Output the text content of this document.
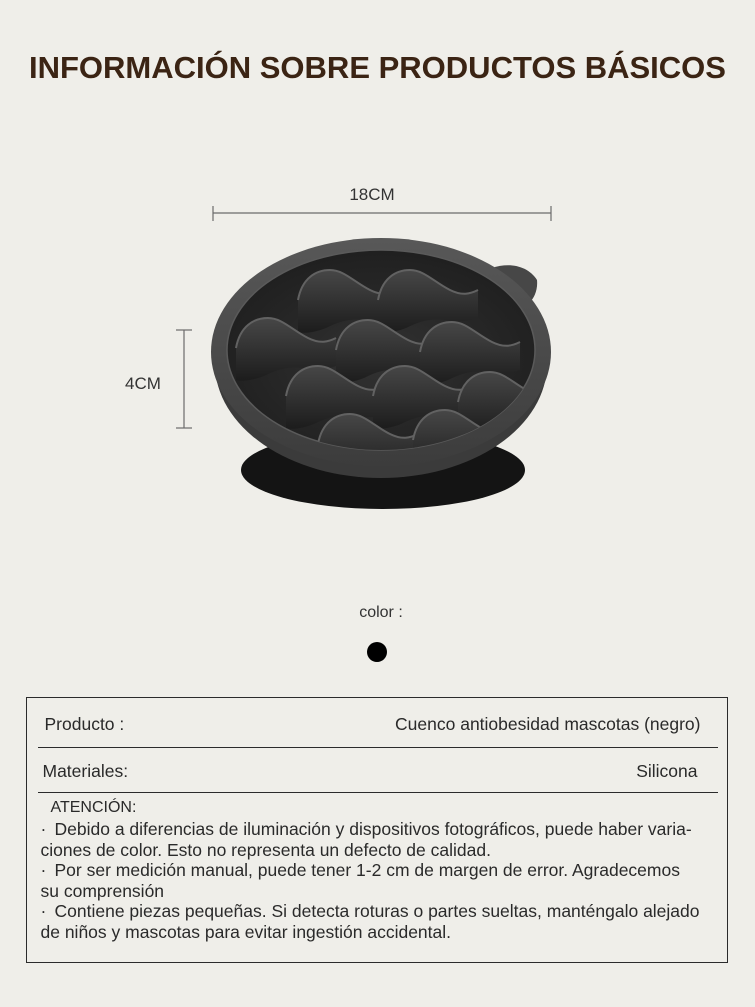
INFORMACIÓN SOBRE PRODUCTOS BÁSICOS
18CM
4CM
color :
Producto :	Cuenco antiobesidad mascotas (negro)
Materiales:	Silicona
ATENCIÓN:
· Debido a diferencias de iluminación y dispositivos fotográficos, puede haber varia-
ciones de color. Esto no representa un defecto de calidad.
· Por ser medición manual, puede tener 1-2 cm de margen de error. Agradecemos
su comprensión
· Contiene piezas pequeñas. Si detecta roturas o partes sueltas, manténgalo alejado
de niños y mascotas para evitar ingestión accidental.
